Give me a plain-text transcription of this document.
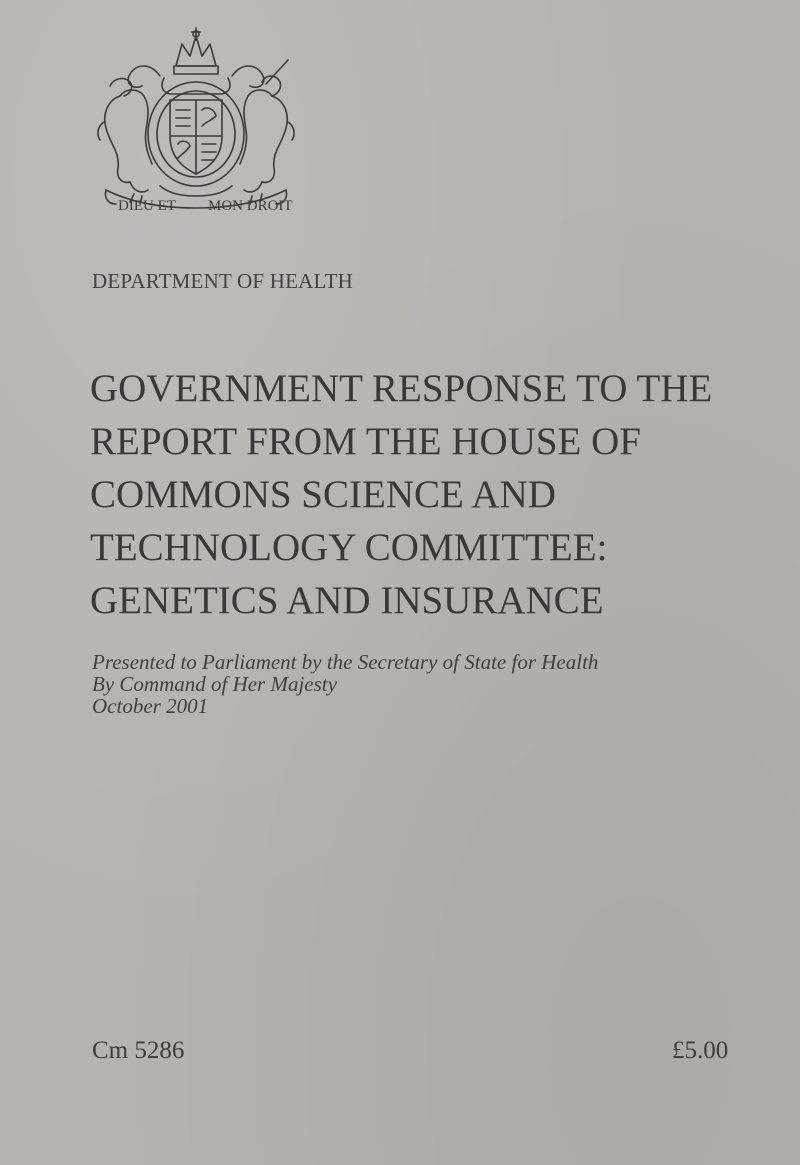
DIEU ET MON DROIT
DEPARTMENT OF HEALTH
GOVERNMENT RESPONSE TO THE
REPORT FROM THE HOUSE OF
COMMONS SCIENCE AND
TECHNOLOGY COMMITTEE:
GENETICS AND INSURANCE
Presented to Parliament by the Secretary of State for Health
By Command of Her Majesty
October 2001
Cm 5286	£5.00
